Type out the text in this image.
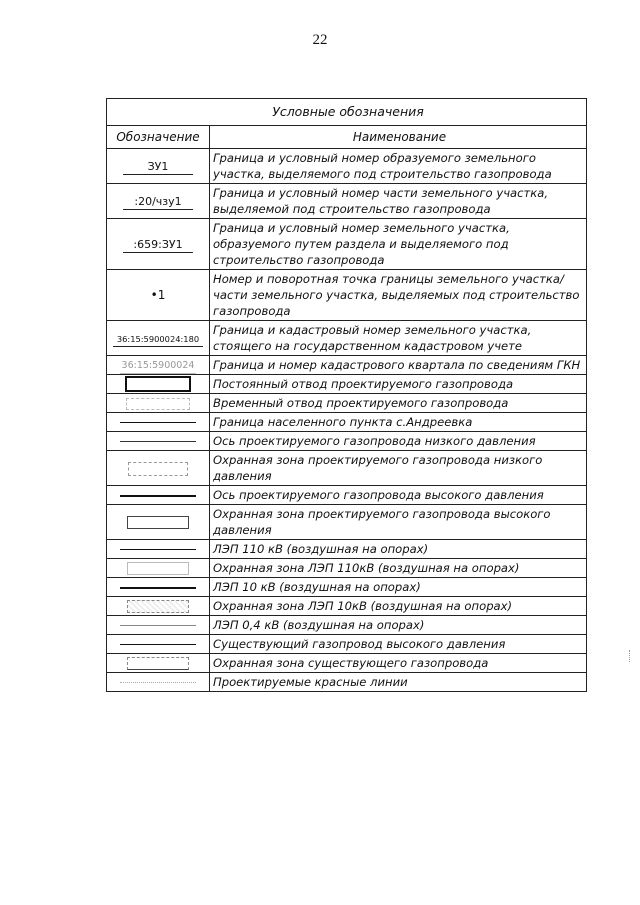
22
Условные обозначения	
Обозначение	Наименование
ЗУ1	Граница и условный номер образуемого земельного участка, выделяемого под строительство газопровода
:20/чзу1	Граница и условный номер части земельного участка, выделяемой под строительство газопровода
:659:ЗУ1	Граница и условный номер земельного участка, образуемого путем раздела и выделяемого под строительство газопровода
•1	Номер и поворотная точка границы земельного участка/части земельного участка, выделяемых под строительство газопровода
36:15:5900024:180	Граница и кадастровый номер земельного участка, стоящего на государственном кадастровом учете
36:15:5900024	Граница и номер кадастрового квартала по сведениям ГКН
	Постоянный отвод проектируемого газопровода
	Временный отвод проектируемого газопровода
	Граница населенного пункта с.Андреевка
	Ось проектируемого газопровода низкого давления
	Охранная зона проектируемого газопровода низкого давления
	Ось проектируемого газопровода высокого давления
	Охранная зона проектируемого газопровода высокого давления
	ЛЭП 110 кВ (воздушная на опорах)
	Охранная зона ЛЭП 110кВ (воздушная на опорах)
	ЛЭП 10 кВ (воздушная на опорах)
	Охранная зона ЛЭП 10кВ (воздушная на опорах)
	ЛЭП 0,4 кВ (воздушная на опорах)
	Существующий газопровод высокого давления
	Охранная зона существующего газопровода
	Проектируемые красные линии
